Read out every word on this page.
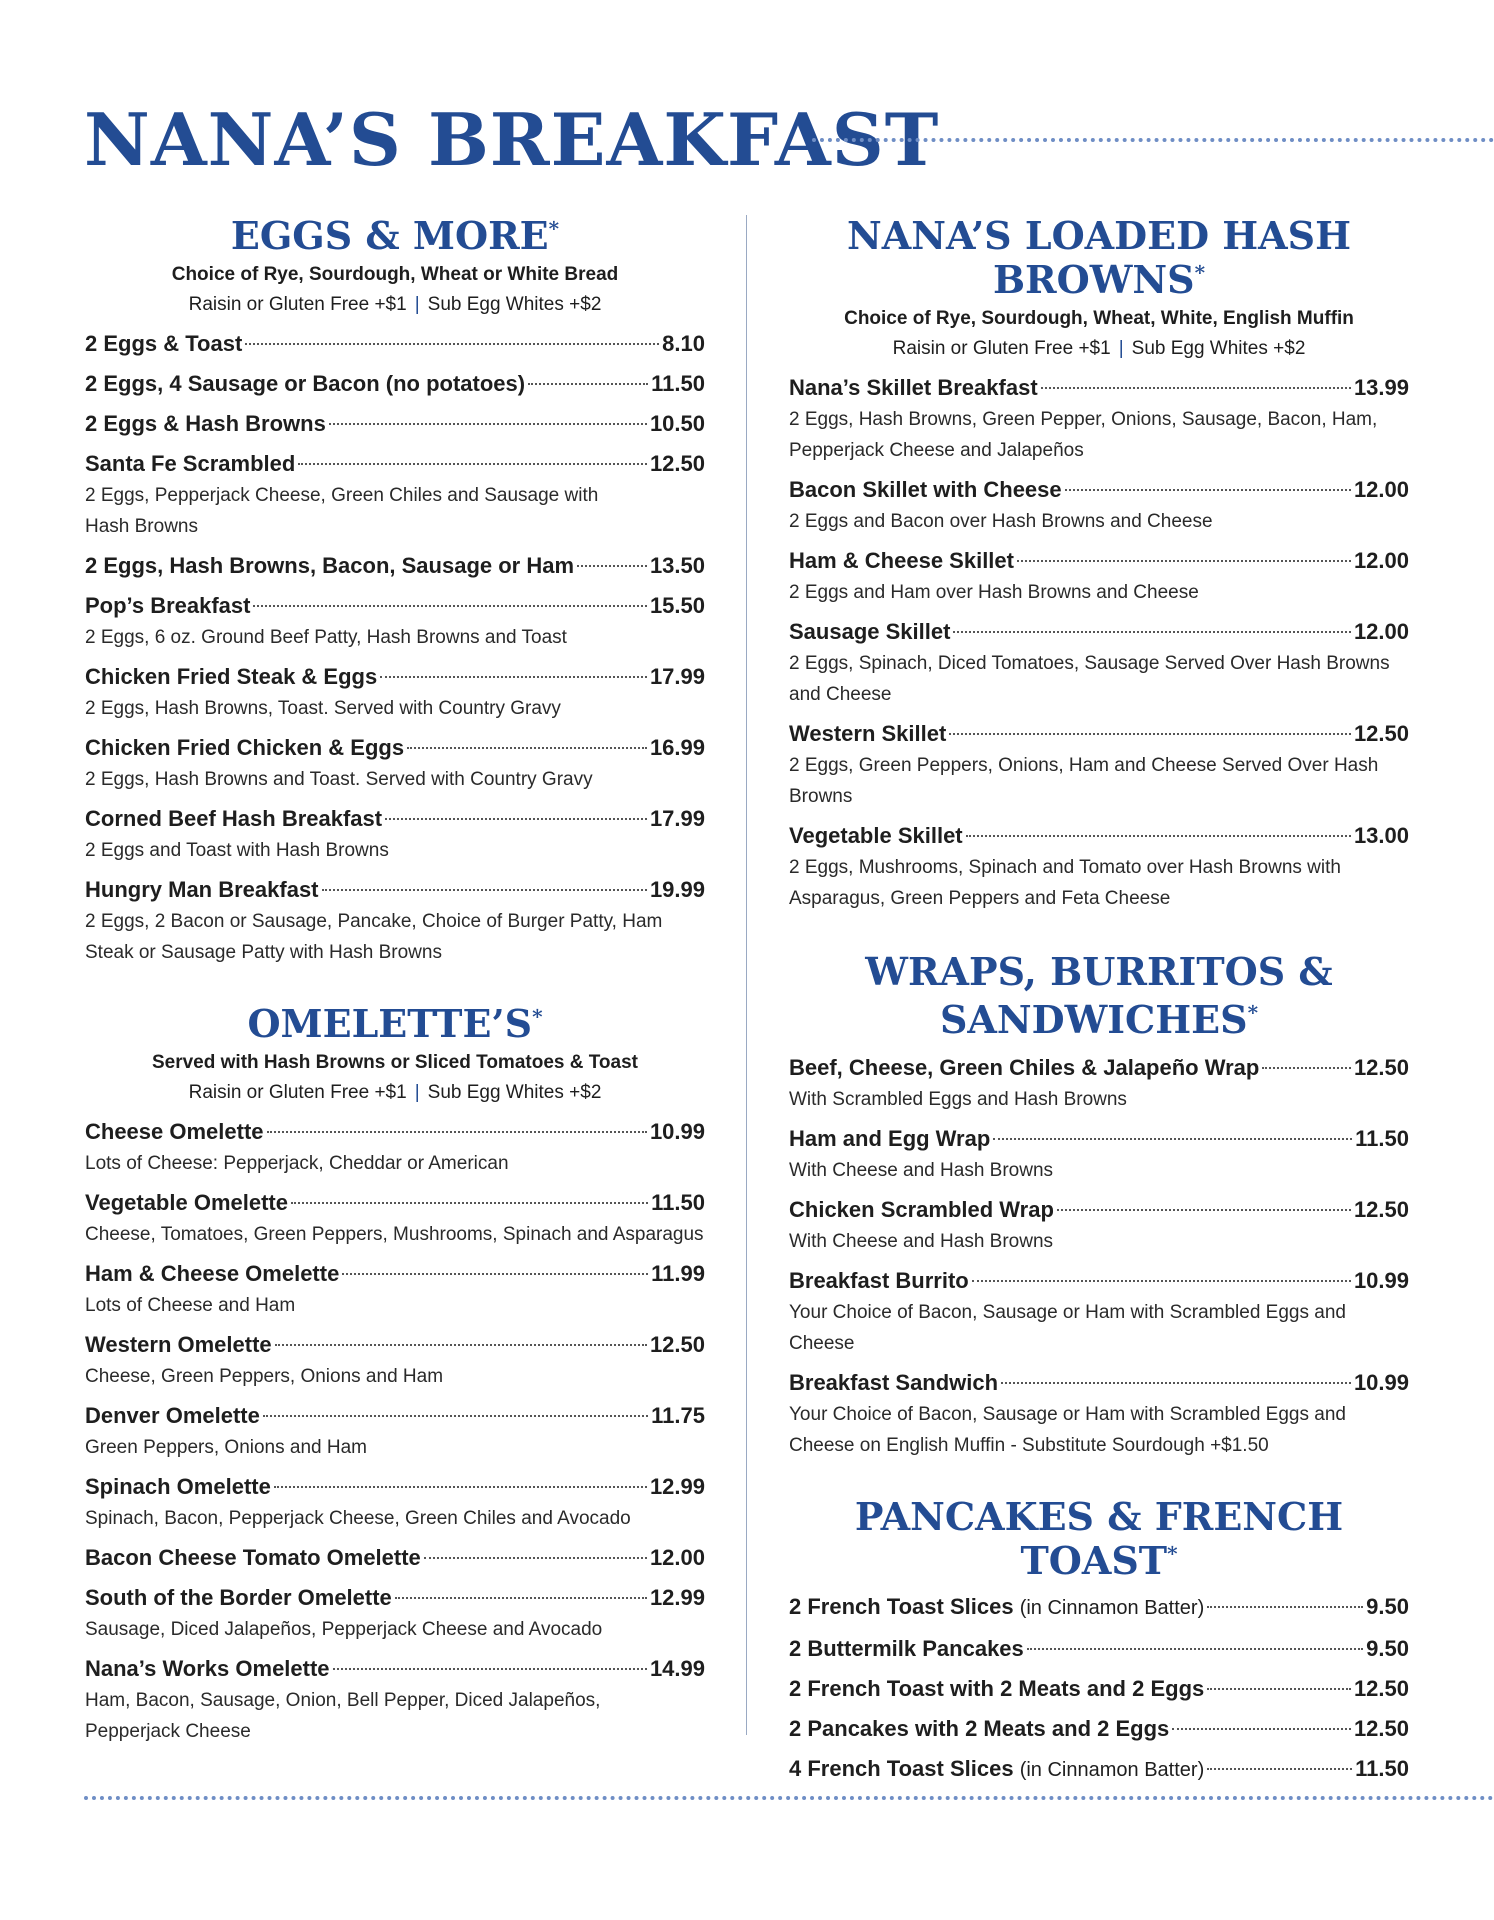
NANA’S BREAKFAST
EGGS & MORE*
Choice of Rye, Sourdough, Wheat or White Bread
Raisin or Gluten Free +$1 | Sub Egg Whites +$2
2 Eggs & Toast	8.10
2 Eggs, 4 Sausage or Bacon (no potatoes)	11.50
2 Eggs & Hash Browns	10.50
Santa Fe Scrambled	12.50
2 Eggs, Pepperjack Cheese, Green Chiles and Sausage with Hash Browns
2 Eggs, Hash Browns, Bacon, Sausage or Ham	13.50
Pop’s Breakfast	15.50
2 Eggs, 6 oz. Ground Beef Patty, Hash Browns and Toast
Chicken Fried Steak & Eggs	17.99
2 Eggs, Hash Browns, Toast. Served with Country Gravy
Chicken Fried Chicken & Eggs	16.99
2 Eggs, Hash Browns and Toast. Served with Country Gravy
Corned Beef Hash Breakfast	17.99
2 Eggs and Toast with Hash Browns
Hungry Man Breakfast	19.99
2 Eggs, 2 Bacon or Sausage, Pancake, Choice of Burger Patty, Ham Steak or Sausage Patty with Hash Browns
OMELETTE’S*
Served with Hash Browns or Sliced Tomatoes & Toast
Raisin or Gluten Free +$1 | Sub Egg Whites +$2
Cheese Omelette	10.99
Lots of Cheese: Pepperjack, Cheddar or American
Vegetable Omelette	11.50
Cheese, Tomatoes, Green Peppers, Mushrooms, Spinach and Asparagus
Ham & Cheese Omelette	11.99
Lots of Cheese and Ham
Western Omelette	12.50
Cheese, Green Peppers, Onions and Ham
Denver Omelette	11.75
Green Peppers, Onions and Ham
Spinach Omelette	12.99
Spinach, Bacon, Pepperjack Cheese, Green Chiles and Avocado
Bacon Cheese Tomato Omelette	12.00
South of the Border Omelette	12.99
Sausage, Diced Jalapeños, Pepperjack Cheese and Avocado
Nana’s Works Omelette	14.99
Ham, Bacon, Sausage, Onion, Bell Pepper, Diced Jalapeños, Pepperjack Cheese
NANA’S LOADED HASH BROWNS*
Choice of Rye, Sourdough, Wheat, White, English Muffin
Raisin or Gluten Free +$1 | Sub Egg Whites +$2
Nana’s Skillet Breakfast	13.99
2 Eggs, Hash Browns, Green Pepper, Onions, Sausage, Bacon, Ham, Pepperjack Cheese and Jalapeños
Bacon Skillet with Cheese	12.00
2 Eggs and Bacon over Hash Browns and Cheese
Ham & Cheese Skillet	12.00
2 Eggs and Ham over Hash Browns and Cheese
Sausage Skillet	12.00
2 Eggs, Spinach, Diced Tomatoes, Sausage Served Over Hash Browns and Cheese
Western Skillet	12.50
2 Eggs, Green Peppers, Onions, Ham and Cheese Served Over Hash Browns
Vegetable Skillet	13.00
2 Eggs, Mushrooms, Spinach and Tomato over Hash Browns with Asparagus, Green Peppers and Feta Cheese
WRAPS, BURRITOS &
SANDWICHES*
Beef, Cheese, Green Chiles & Jalapeño Wrap	12.50
With Scrambled Eggs and Hash Browns
Ham and Egg Wrap	11.50
With Cheese and Hash Browns
Chicken Scrambled Wrap	12.50
With Cheese and Hash Browns
Breakfast Burrito	10.99
Your Choice of Bacon, Sausage or Ham with Scrambled Eggs and Cheese
Breakfast Sandwich	10.99
Your Choice of Bacon, Sausage or Ham with Scrambled Eggs and Cheese on English Muffin - Substitute Sourdough +$1.50
PANCAKES & FRENCH TOAST*
2 French Toast Slices (in Cinnamon Batter)	9.50
2 Buttermilk Pancakes	9.50
2 French Toast with 2 Meats and 2 Eggs	12.50
2 Pancakes with 2 Meats and 2 Eggs	12.50
4 French Toast Slices (in Cinnamon Batter)	11.50
